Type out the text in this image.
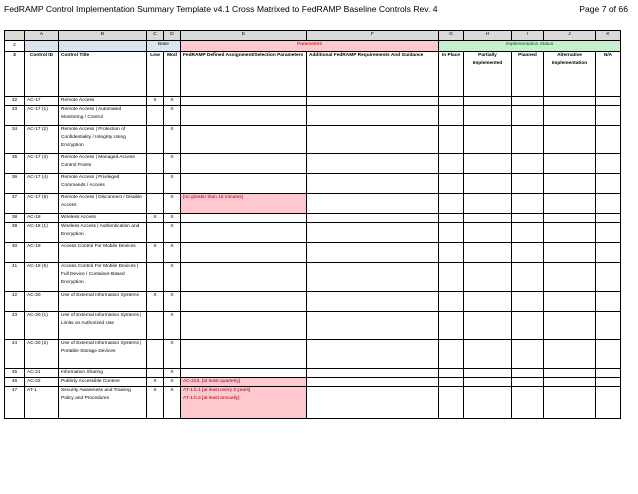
FedRAMP Control Implementation Summary Template v4.1 Cross Matrixed to FedRAMP Baseline Controls Rev. 4	Page 7 of 66
	A	B	C	D	E	F	G	H	I	J	K
2			Base		Parameters		Implementation Status				
3	Control ID	Control Title	Low	Mod	FedRAMP Defined Assignment/Selection Parameters	Additional FedRAMP Requirements And Guidance	In Place	Partially Implemented	Planned	Alternative Implementation	N/A
32	AC-17	Remote Access	X	X							
33	AC-17 (1)	Remote Access | Automated Monitoring / Control		X							
34	AC-17 (2)	Remote Access | Protection of Confidentiality / Integrity Using Encryption		X							
35	AC-17 (3)	Remote Access | Managed Access Control Points		X							
36	AC-17 (4)	Remote Access | Privileged Commands / Access		X							
37	AC-17 (9)	Remote Access | Disconnect / Disable Access		X	[no greater than 15 minutes]						
38	AC-18	Wireless Access	X	X							
39	AC-18 (1)	Wireless Access | Authentication and Encryption		X							
40	AC-19	Access Control For Mobile Devices	X	X							
41	AC-19 (5)	Access Control For Mobile Devices | Full Device / Container-Based Encryption		X							
42	AC-20	Use of External Information Systems	X	X							
43	AC-20 (1)	Use of External Information Systems | Limits on Authorized Use		X							
44	AC-20 (2)	Use of External Information Systems | Portable Storage Devices		X							
45	AC-21	Information Sharing		X							
46	AC-22	Publicly Accessible Content	X	X	AC-22d. [at least quarterly]						
47	AT-1	Security Awareness and Training Policy and Procedures	X	X	AT-1.b.1 [at least every 3 years]
AT-1.b.2 [at least annually]						
